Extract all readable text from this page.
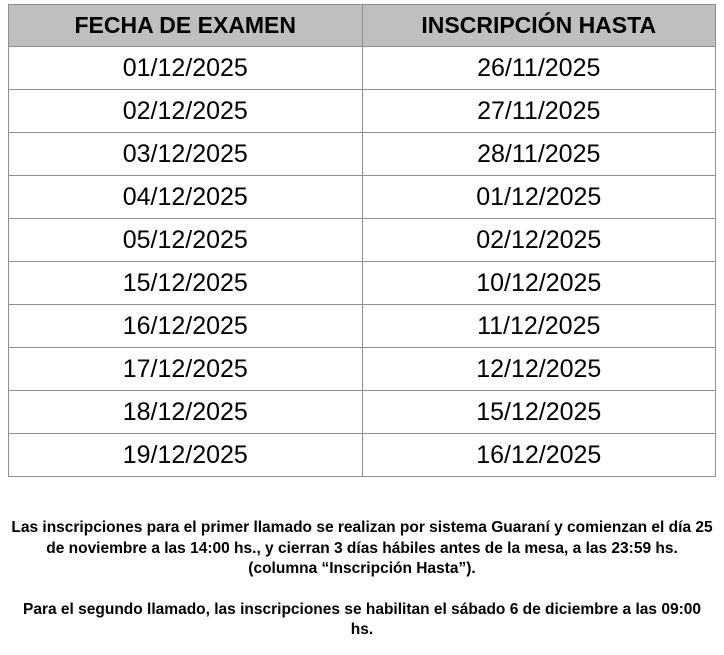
FECHA DE EXAMEN	INSCRIPCIÓN HASTA
01/12/2025	26/11/2025
02/12/2025	27/11/2025
03/12/2025	28/11/2025
04/12/2025	01/12/2025
05/12/2025	02/12/2025
15/12/2025	10/12/2025
16/12/2025	11/12/2025
17/12/2025	12/12/2025
18/12/2025	15/12/2025
19/12/2025	16/12/2025

Las inscripciones para el primer llamado se realizan por sistema Guaraní y comienzan el día 25 de noviembre a las 14:00 hs., y cierran 3 días hábiles antes de la mesa, a las 23:59 hs. (columna “Inscripción Hasta”).

Para el segundo llamado, las inscripciones se habilitan el sábado 6 de diciembre a las 09:00 hs.
